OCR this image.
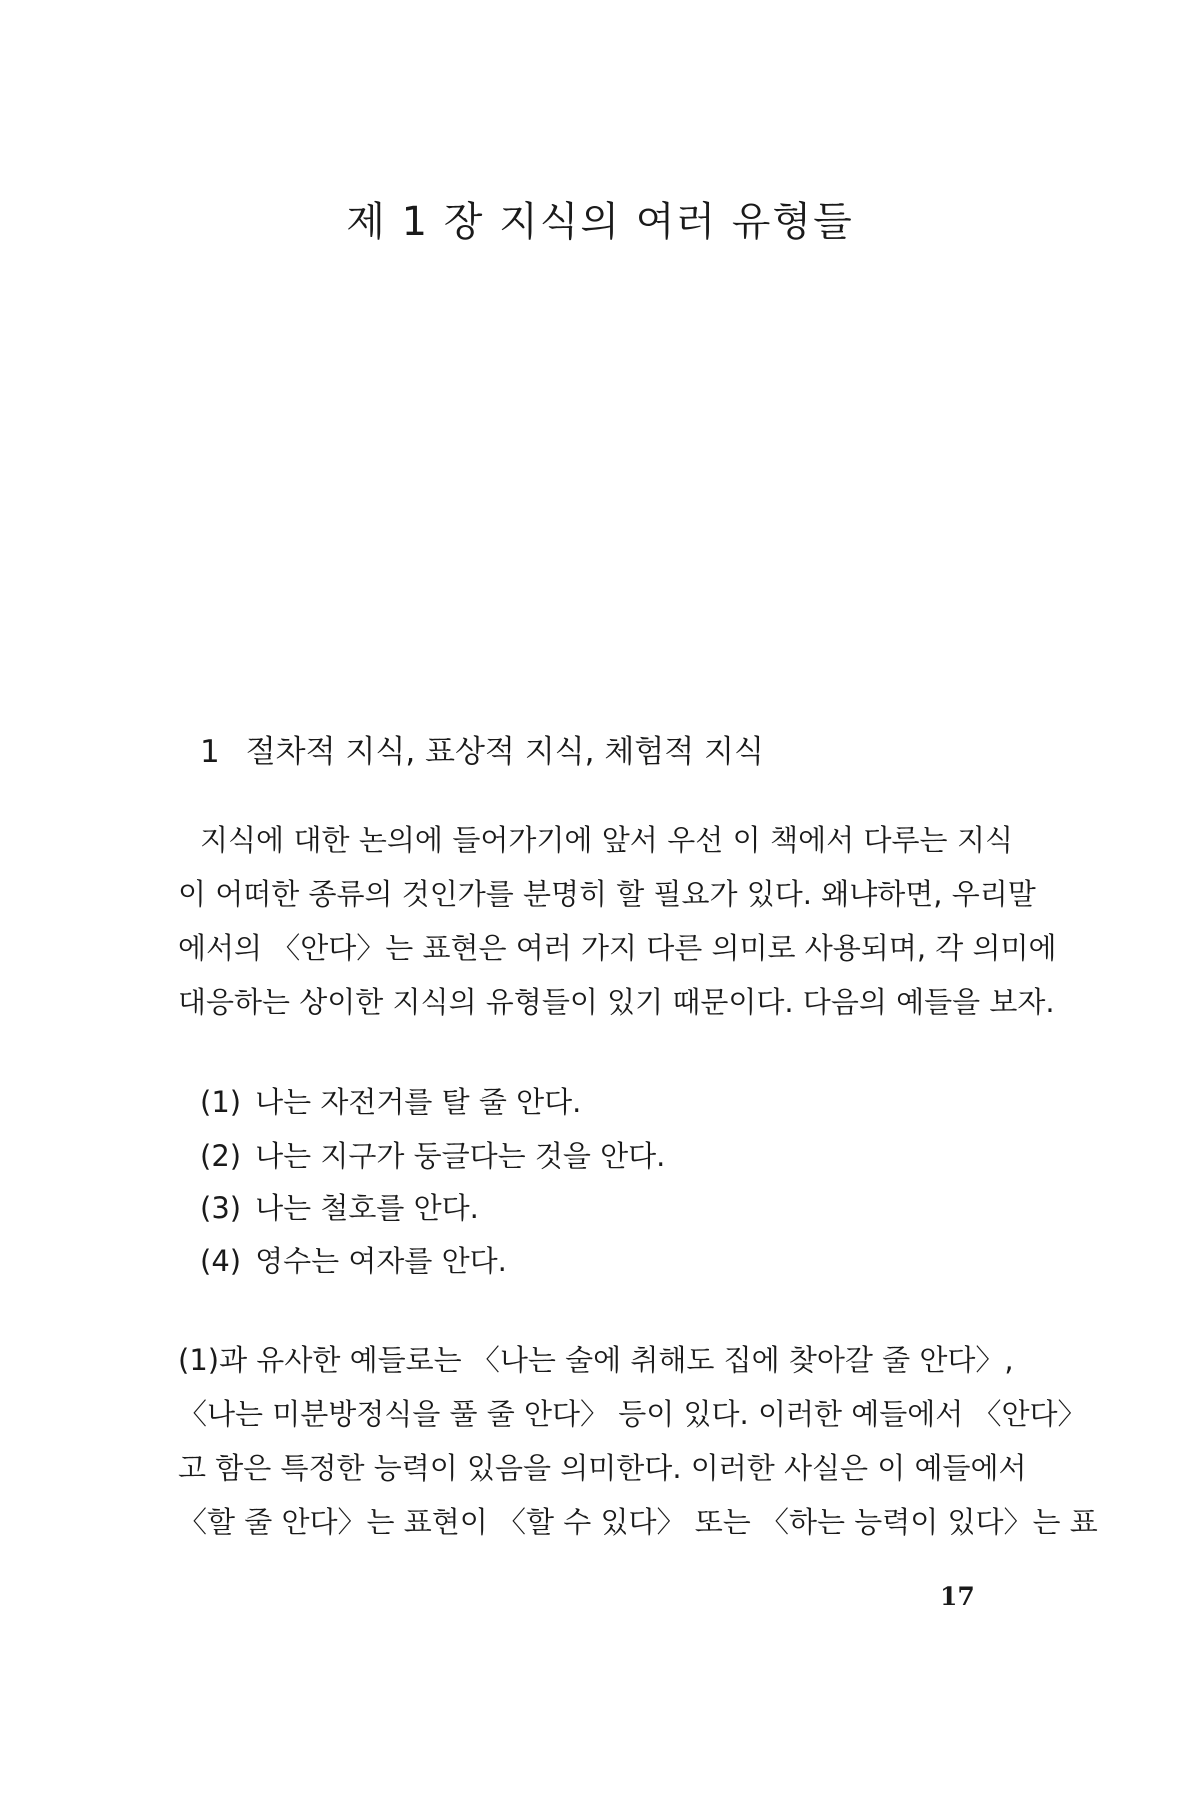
제 1 장 지식의 여러 유형들
1 절차적 지식, 표상적 지식, 체험적 지식

지식에 대한 논의에 들어가기에 앞서 우선 이 책에서 다루는 지식

이 어떠한 종류의 것인가를 분명히 할 필요가 있다. 왜냐하면, 우리말

에서의 〈안다〉는 표현은 여러 가지 다른 의미로 사용되며, 각 의미에

대응하는 상이한 지식의 유형들이 있기 때문이다. 다음의 예들을 보자.

(1) 나는 자전거를 탈 줄 안다.

(2) 나는 지구가 둥글다는 것을 안다.

(3) 나는 철호를 안다.

(4) 영수는 여자를 안다.

(1)과 유사한 예들로는 〈나는 술에 취해도 집에 찾아갈 줄 안다〉,

〈나는 미분방정식을 풀 줄 안다〉 등이 있다. 이러한 예들에서 〈안다〉

고 함은 특정한 능력이 있음을 의미한다. 이러한 사실은 이 예들에서

〈할 줄 안다〉는 표현이 〈할 수 있다〉 또는 〈하는 능력이 있다〉는 표

17
